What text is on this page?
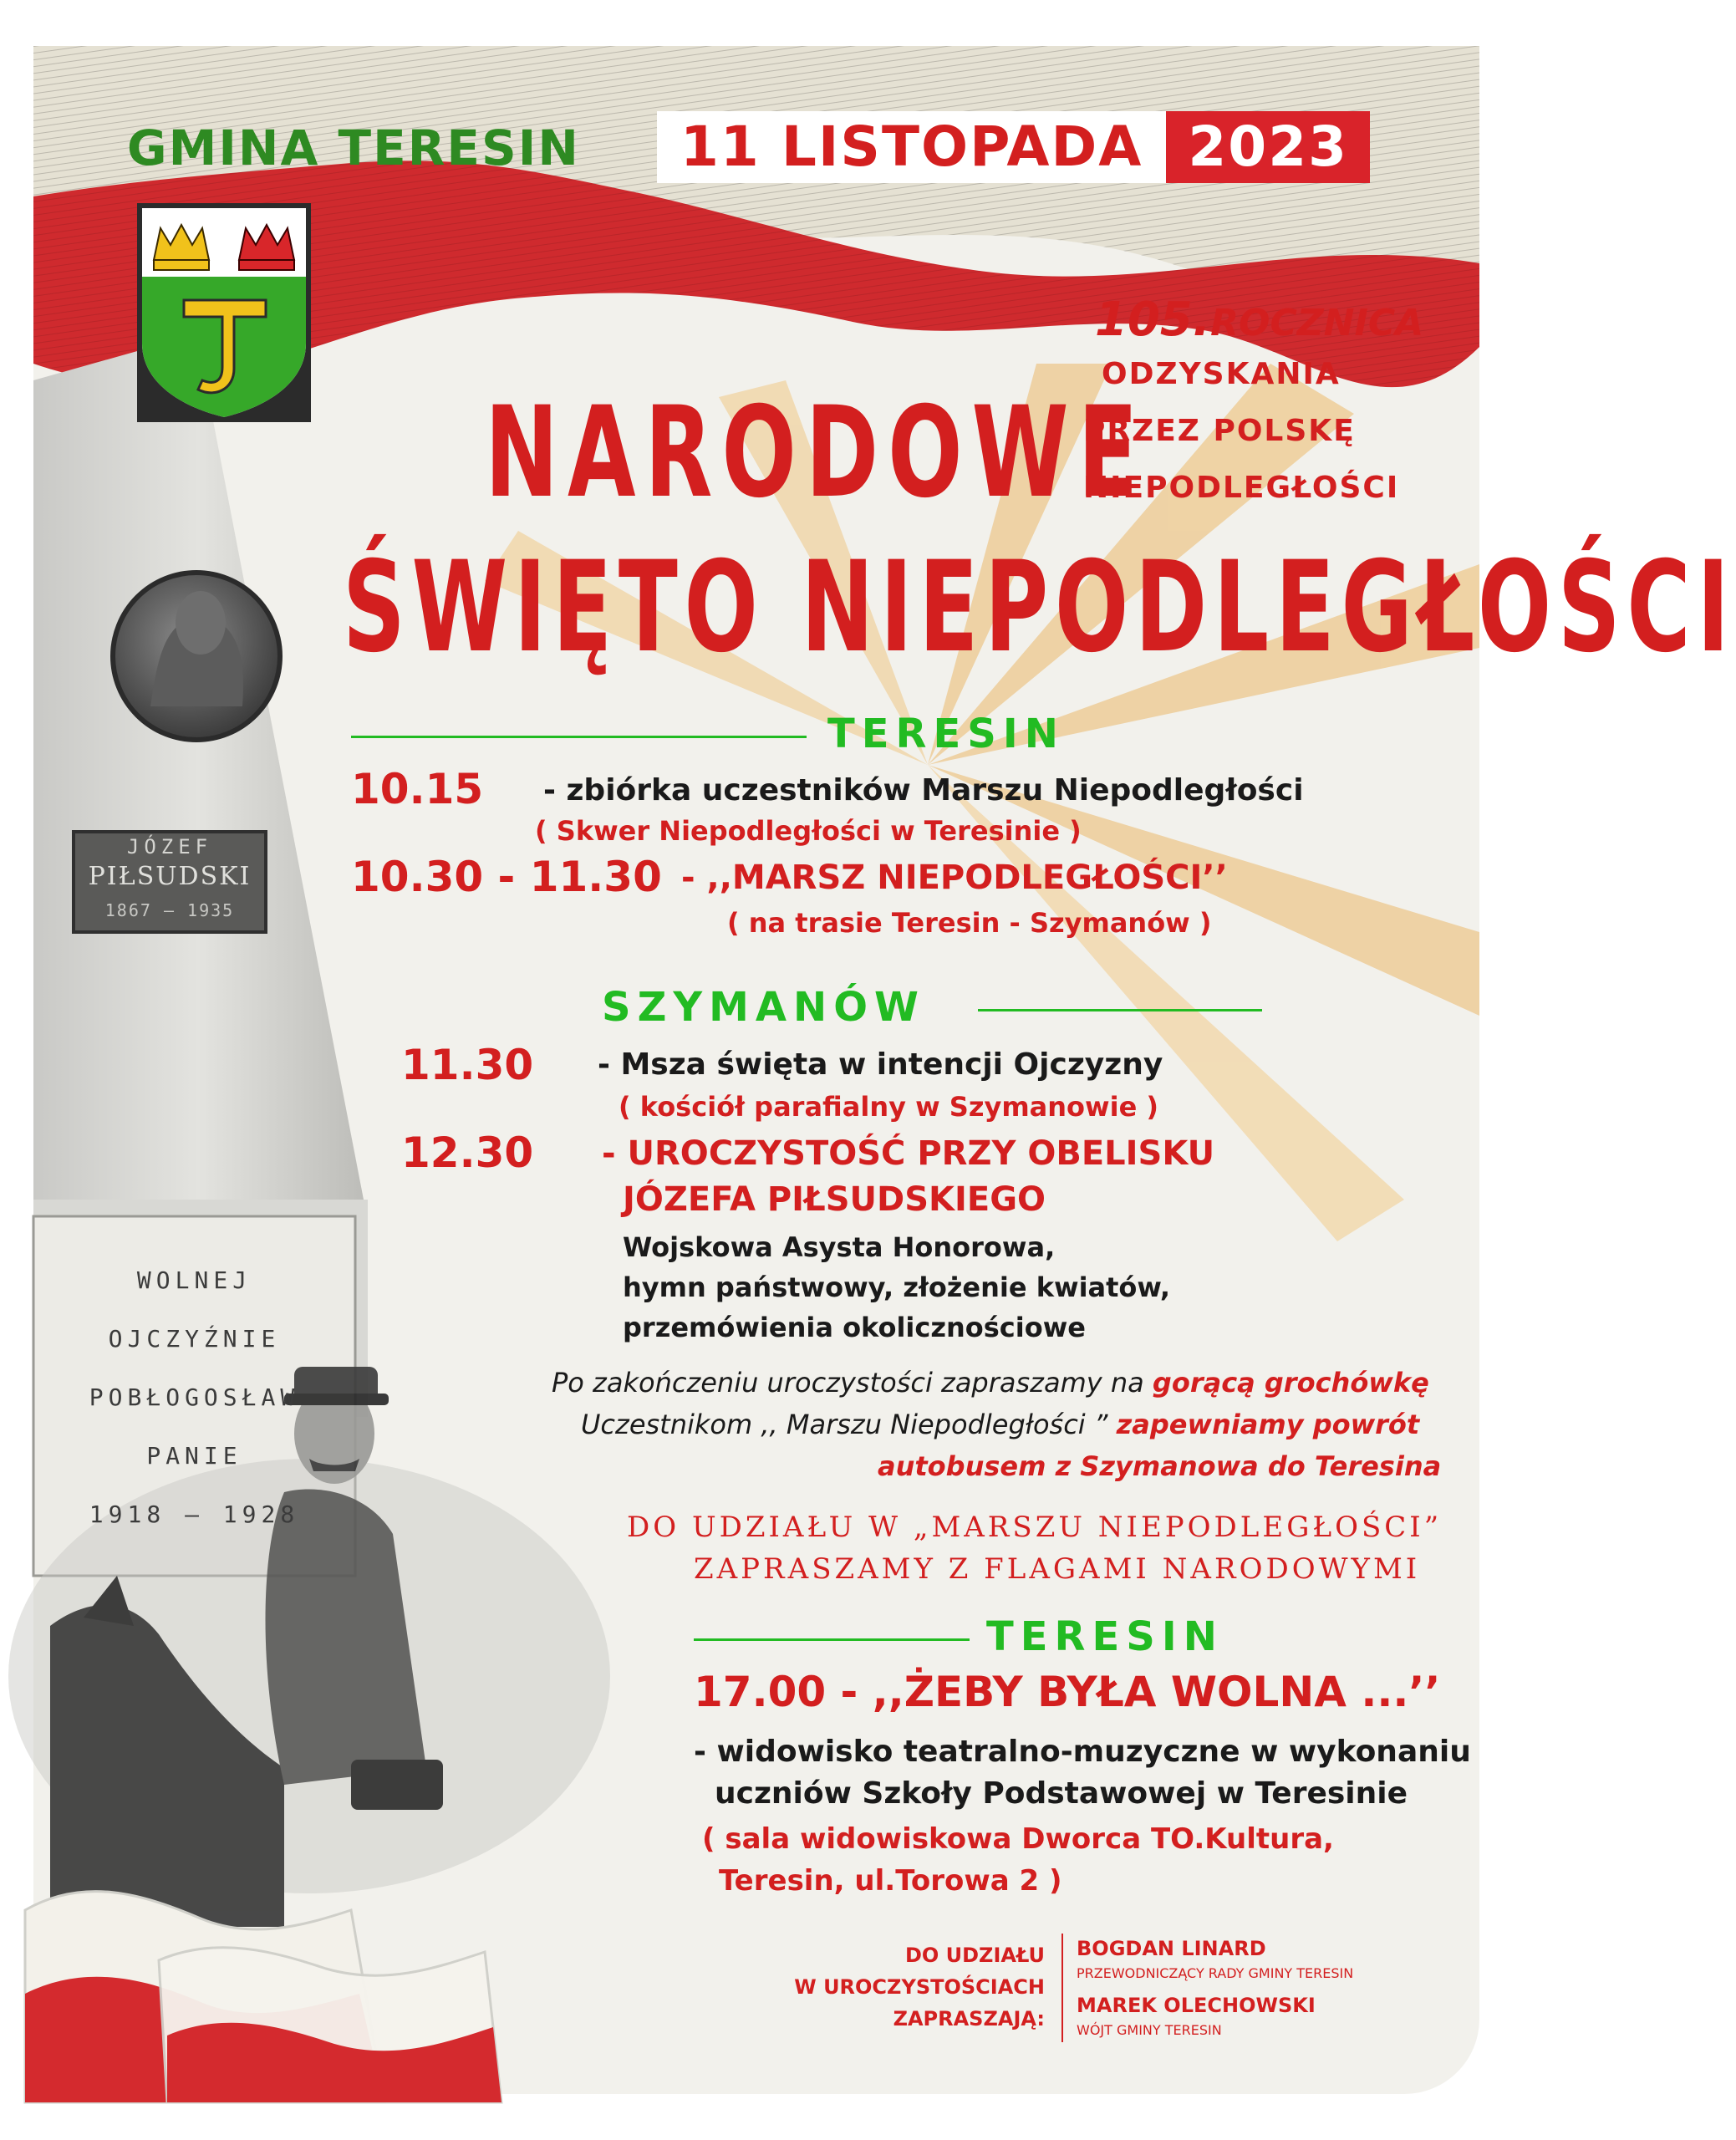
GMINA TERESIN	11 LISTOPADA 2023
105.ROCZNICA
ODZYSKANIA
PRZEZ POLSKĘ
NIEPODLEGŁOŚCI
NARODOWE
ŚWIĘTO NIEPODLEGŁOŚCI
JÓZEF
PIŁSUDSKI
1867 – 1935
WOLNEJ
OJCZYŹNIE
POBŁOGOSŁAW
PANIE
1918 – 1928
TERESIN
10.15 - zbiórka uczestników Marszu Niepodległości
( Skwer Niepodległości w Teresinie )
10.30 - 11.30 - ,,MARSZ NIEPODLEGŁOŚCI’’
( na trasie Teresin - Szymanów )
SZYMANÓW
11.30 - Msza święta w intencji Ojczyzny
( kościół parafialny w Szymanowie )
12.30 - UROCZYSTOŚĆ PRZY OBELISKU
JÓZEFA PIŁSUDSKIEGO
Wojskowa Asysta Honorowa,
hymn państwowy, złożenie kwiatów,
przemówienia okolicznościowe
Po zakończeniu uroczystości zapraszamy na gorącą grochówkę
Uczestnikom ,, Marszu Niepodległości ” zapewniamy powrót
autobusem z Szymanowa do Teresina
DO UDZIAŁU W „MARSZU NIEPODLEGŁOŚCI”
ZAPRASZAMY Z FLAGAMI NARODOWYMI
TERESIN
17.00 - ,,ŻEBY BYŁA WOLNA ...’’
- widowisko teatralno-muzyczne w wykonaniu
uczniów Szkoły Podstawowej w Teresinie
( sala widowiskowa Dworca TO.Kultura,
Teresin, ul.Torowa 2 )
DO UDZIAŁU
W UROCZYSTOŚCIACH
ZAPRASZAJĄ:
BOGDAN LINARD
PRZEWODNICZĄCY RADY GMINY TERESIN
MAREK OLECHOWSKI
WÓJT GMINY TERESIN
